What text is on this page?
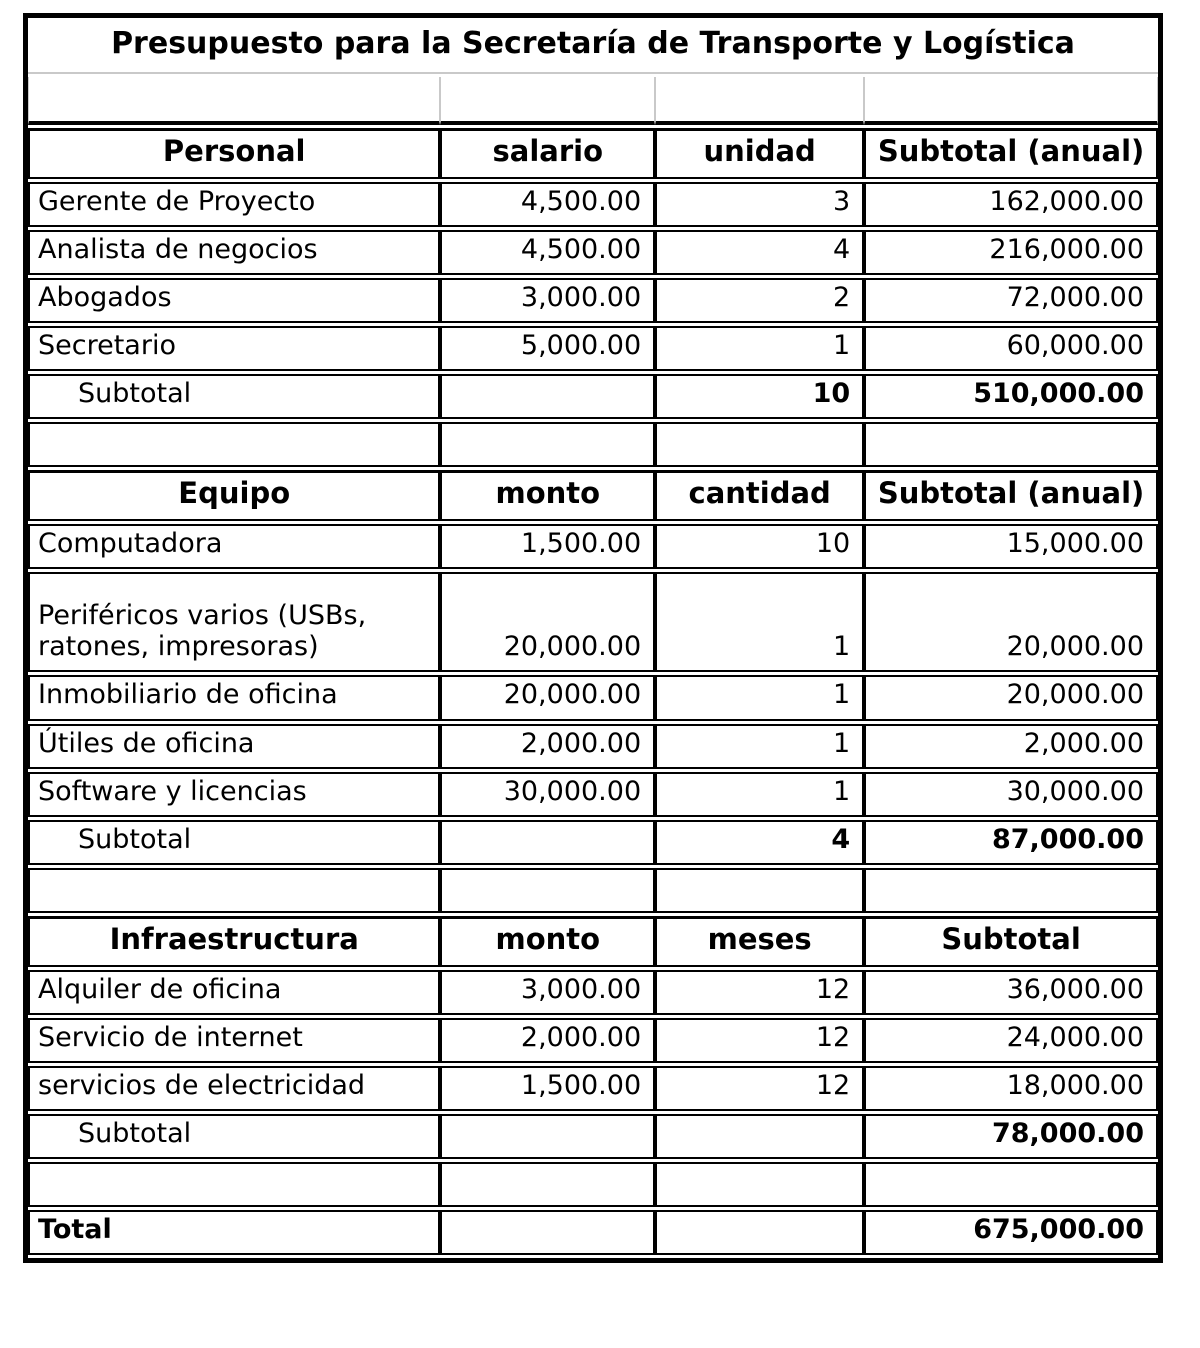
Presupuesto para la Secretaría de Transporte y Logística			

Personal	salario	unidad	Subtotal (anual)
Gerente de Proyecto	4,500.00	3	162,000.00
Analista de negocios	4,500.00	4	216,000.00
Abogados	3,000.00	2	72,000.00
Secretario	5,000.00	1	60,000.00
Subtotal		10	510,000.00

Equipo	monto	cantidad	Subtotal (anual)
Computadora	1,500.00	10	15,000.00
Periféricos varios (USBs, ratones, impresoras)	20,000.00	1	20,000.00
Inmobiliario de oficina	20,000.00	1	20,000.00
Útiles de oficina	2,000.00	1	2,000.00
Software y licencias	30,000.00	1	30,000.00
Subtotal		4	87,000.00

Infraestructura	monto	meses	Subtotal
Alquiler de oficina	3,000.00	12	36,000.00
Servicio de internet	2,000.00	12	24,000.00
servicios de electricidad	1,500.00	12	18,000.00
Subtotal			78,000.00

Total			675,000.00
